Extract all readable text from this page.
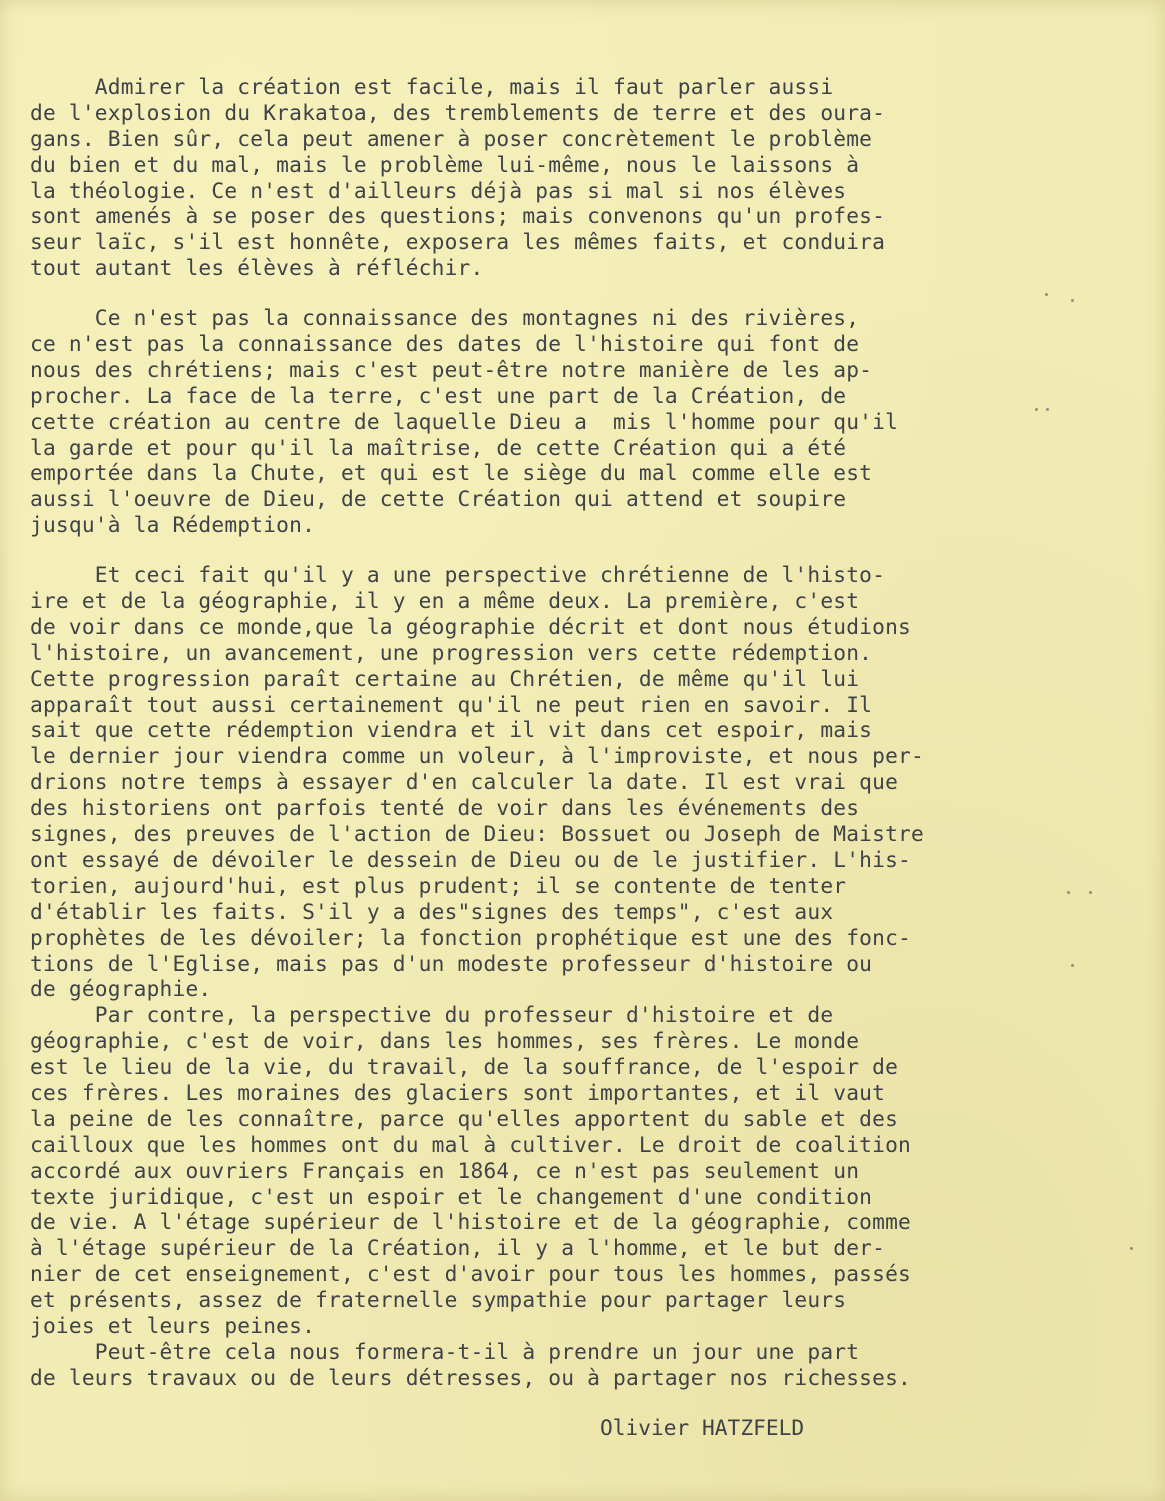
Admirer la création est facile, mais il faut parler aussi
de l'explosion du Krakatoa, des tremblements de terre et des oura-
gans. Bien sûr, cela peut amener à poser concrètement le problème
du bien et du mal, mais le problème lui-même, nous le laissons à
la théologie. Ce n'est d'ailleurs déjà pas si mal si nos élèves
sont amenés à se poser des questions; mais convenons qu'un profes-
seur laïc, s'il est honnête, exposera les mêmes faits, et conduira
tout autant les élèves à réfléchir.
Ce n'est pas la connaissance des montagnes ni des rivières,
ce n'est pas la connaissance des dates de l'histoire qui font de
nous des chrétiens; mais c'est peut-être notre manière de les ap-
procher. La face de la terre, c'est une part de la Création, de
cette création au centre de laquelle Dieu a  mis l'homme pour qu'il
la garde et pour qu'il la maîtrise, de cette Création qui a été
emportée dans la Chute, et qui est le siège du mal comme elle est
aussi l'oeuvre de Dieu, de cette Création qui attend et soupire
jusqu'à la Rédemption.
Et ceci fait qu'il y a une perspective chrétienne de l'histo-
ire et de la géographie, il y en a même deux. La première, c'est
de voir dans ce monde,que la géographie décrit et dont nous étudions
l'histoire, un avancement, une progression vers cette rédemption.
Cette progression paraît certaine au Chrétien, de même qu'il lui
apparaît tout aussi certainement qu'il ne peut rien en savoir. Il
sait que cette rédemption viendra et il vit dans cet espoir, mais
le dernier jour viendra comme un voleur, à l'improviste, et nous per-
drions notre temps à essayer d'en calculer la date. Il est vrai que
des historiens ont parfois tenté de voir dans les événements des
signes, des preuves de l'action de Dieu: Bossuet ou Joseph de Maistre
ont essayé de dévoiler le dessein de Dieu ou de le justifier. L'his-
torien, aujourd'hui, est plus prudent; il se contente de tenter
d'établir les faits. S'il y a des"signes des temps", c'est aux
prophètes de les dévoiler; la fonction prophétique est une des fonc-
tions de l'Eglise, mais pas d'un modeste professeur d'histoire ou
de géographie.
Par contre, la perspective du professeur d'histoire et de
géographie, c'est de voir, dans les hommes, ses frères. Le monde
est le lieu de la vie, du travail, de la souffrance, de l'espoir de
ces frères. Les moraines des glaciers sont importantes, et il vaut
la peine de les connaître, parce qu'elles apportent du sable et des
cailloux que les hommes ont du mal à cultiver. Le droit de coalition
accordé aux ouvriers Français en 1864, ce n'est pas seulement un
texte juridique, c'est un espoir et le changement d'une condition
de vie. A l'étage supérieur de l'histoire et de la géographie, comme
à l'étage supérieur de la Création, il y a l'homme, et le but der-
nier de cet enseignement, c'est d'avoir pour tous les hommes, passés
et présents, assez de fraternelle sympathie pour partager leurs
joies et leurs peines.
Peut-être cela nous formera-t-il à prendre un jour une part
de leurs travaux ou de leurs détresses, ou à partager nos richesses.
Olivier HATZFELD
